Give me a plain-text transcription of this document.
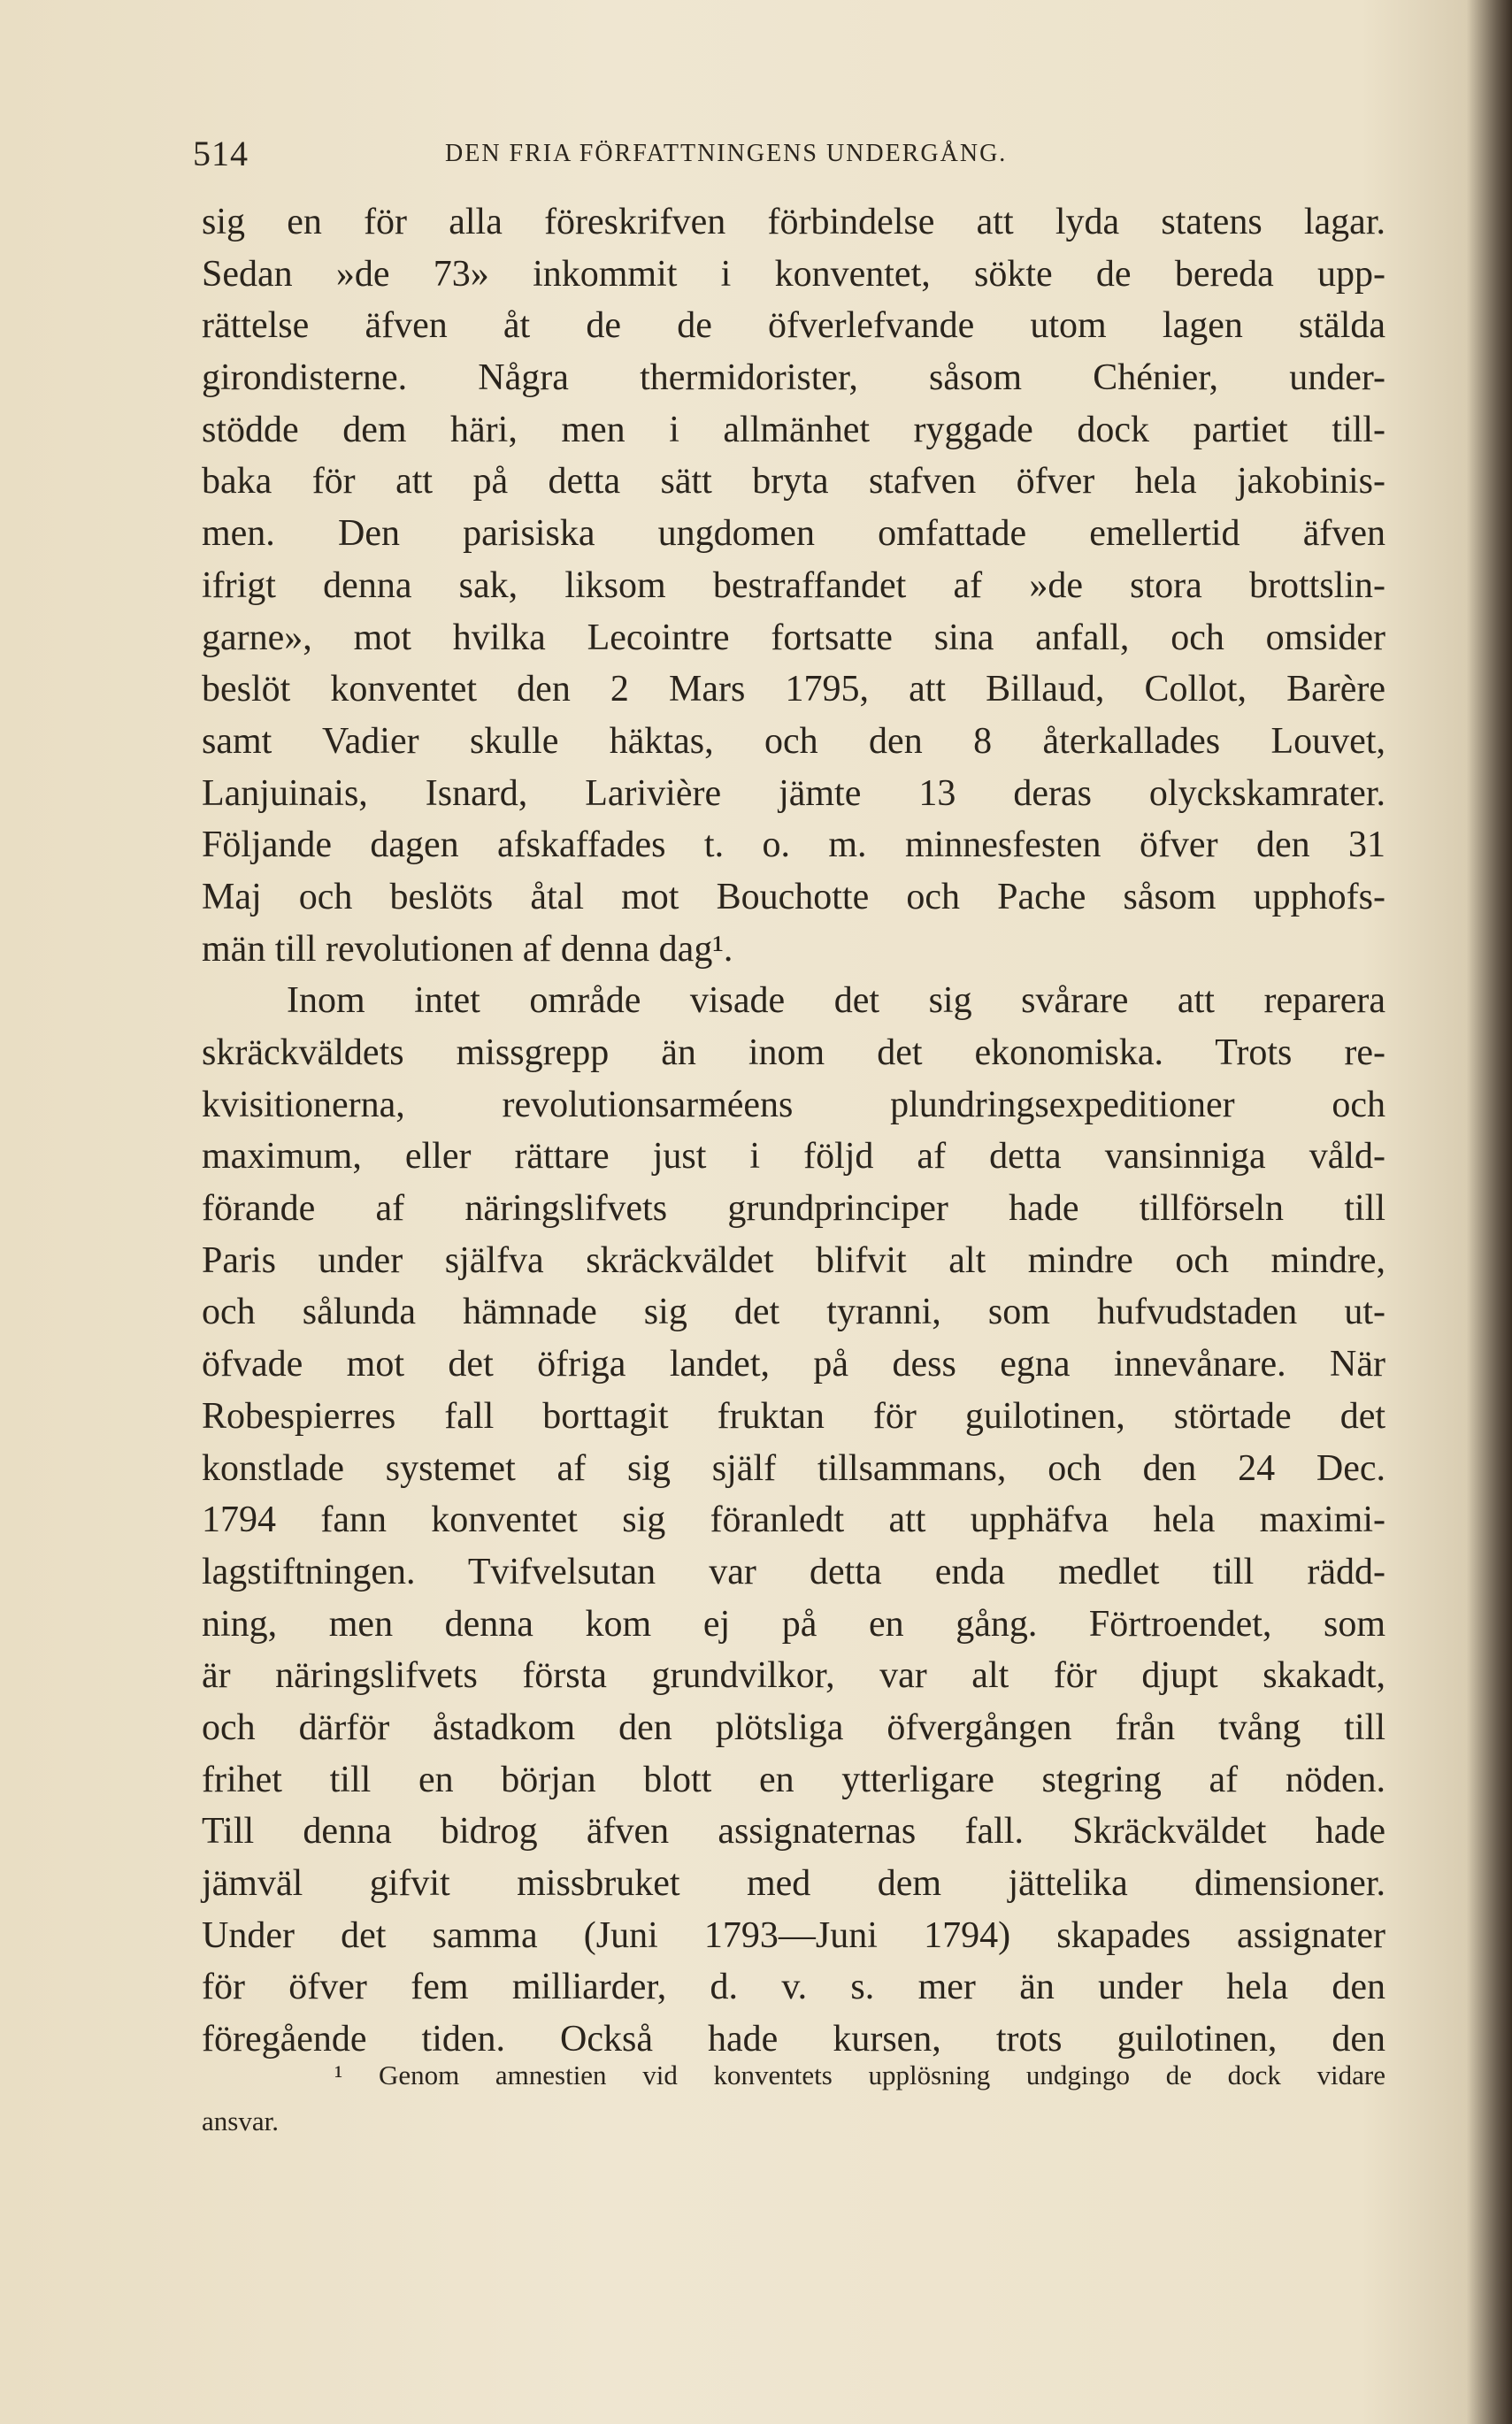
514	DEN FRIA FÖRFATTNINGENS UNDERGÅNG.
sig en för alla föreskrifven förbindelse att lyda statens lagar.
Sedan »de 73» inkommit i konventet, sökte de bereda upp-
rättelse äfven åt de de öfverlefvande utom lagen stälda
girondisterne. Några thermidorister, såsom Chénier, under-
stödde dem häri, men i allmänhet ryggade dock partiet till-
baka för att på detta sätt bryta stafven öfver hela jakobinis-
men. Den parisiska ungdomen omfattade emellertid äfven
ifrigt denna sak, liksom bestraffandet af »de stora brottslin-
garne», mot hvilka Lecointre fortsatte sina anfall, och omsider
beslöt konventet den 2 Mars 1795, att Billaud, Collot, Barère
samt Vadier skulle häktas, och den 8 återkallades Louvet,
Lanjuinais, Isnard, Larivière jämte 13 deras olyckskamrater.
Följande dagen afskaffades t. o. m. minnesfesten öfver den 31
Maj och beslöts åtal mot Bouchotte och Pache såsom upphofs-
män till revolutionen af denna dag¹.
Inom intet område visade det sig svårare att reparera
skräckväldets missgrepp än inom det ekonomiska. Trots re-
kvisitionerna, revolutionsarméens plundringsexpeditioner och
maximum, eller rättare just i följd af detta vansinniga våld-
förande af näringslifvets grundprinciper hade tillförseln till
Paris under själfva skräckväldet blifvit alt mindre och mindre,
och sålunda hämnade sig det tyranni, som hufvudstaden ut-
öfvade mot det öfriga landet, på dess egna innevånare. När
Robespierres fall borttagit fruktan för guilotinen, störtade det
konstlade systemet af sig själf tillsammans, och den 24 Dec.
1794 fann konventet sig föranledt att upphäfva hela maximi-
lagstiftningen. Tvifvelsutan var detta enda medlet till rädd-
ning, men denna kom ej på en gång. Förtroendet, som
är näringslifvets första grundvilkor, var alt för djupt skakadt,
och därför åstadkom den plötsliga öfvergången från tvång till
frihet till en början blott en ytterligare stegring af nöden.
Till denna bidrog äfven assignaternas fall. Skräckväldet hade
jämväl gifvit missbruket med dem jättelika dimensioner.
Under det samma (Juni 1793—Juni 1794) skapades assignater
för öfver fem milliarder, d. v. s. mer än under hela den
föregående tiden. Också hade kursen, trots guilotinen, den
¹ Genom amnestien vid konventets upplösning undgingo de dock vidare
ansvar.
